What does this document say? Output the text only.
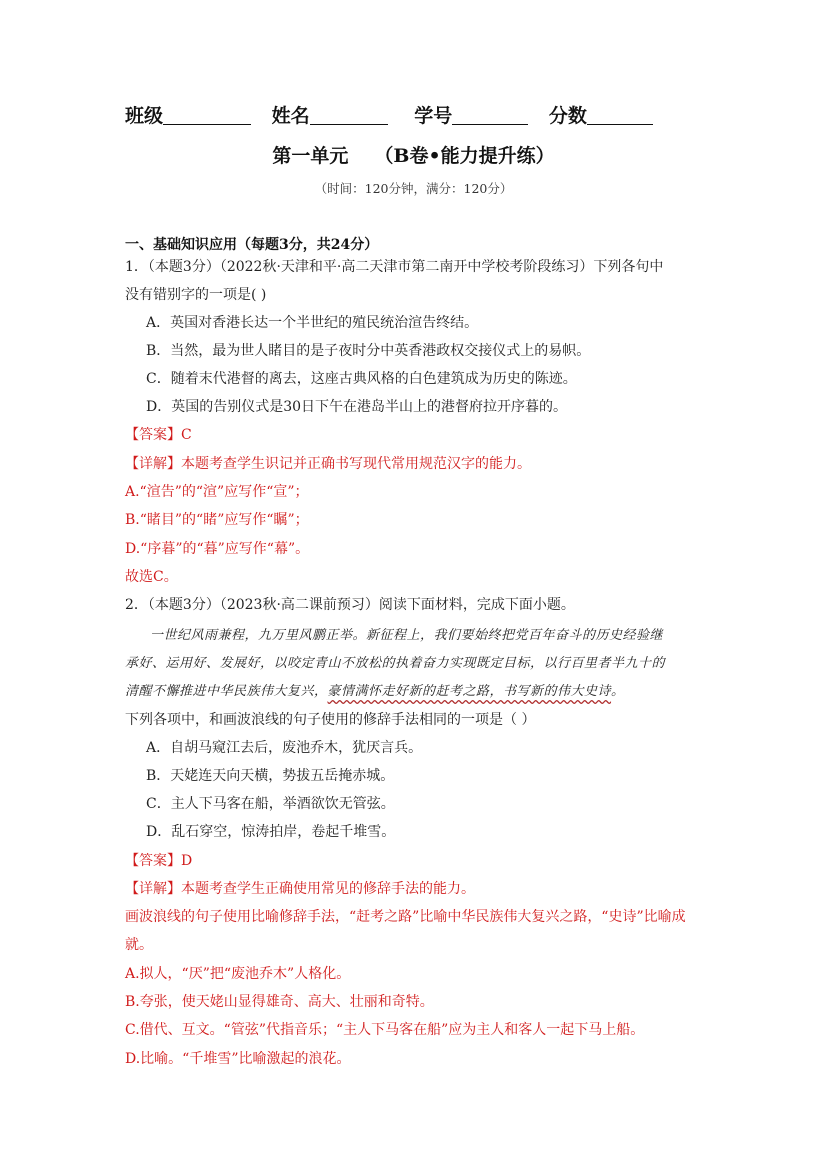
班级	姓名	学号	分数
第一单元 （B卷•能力提升练）
（时间：120分钟，满分：120分）
一、基础知识应用（每题3分，共24分）
1．（本题3分）（2022秋·天津和平·高二天津市第二南开中学校考阶段练习）下列各句中
没有错别字的一项是( )
A．英国对香港长达一个半世纪的殖民统治渲告终结。
B．当然，最为世人睹目的是子夜时分中英香港政权交接仪式上的易帜。
C．随着末代港督的离去，这座古典风格的白色建筑成为历史的陈迹。
D．英国的告别仪式是30日下午在港岛半山上的港督府拉开序暮的。
【答案】C
【详解】本题考查学生识记并正确书写现代常用规范汉字的能力。
A.“渲告”的“渲”应写作“宣”；
B.“睹目”的“睹”应写作“瞩”；
D.“序暮”的“暮”应写作“幕”。
故选C。
2．（本题3分）（2023秋·高二课前预习）阅读下面材料，完成下面小题。
一世纪风雨兼程，九万里风鹏正举。新征程上，我们要始终把党百年奋斗的历史经验继
承好、运用好、发展好，以咬定青山不放松的执着奋力实现既定目标，以行百里者半九十的
清醒不懈推进中华民族伟大复兴，豪情满怀走好新的赶考之路，书写新的伟大史诗。
下列各项中，和画波浪线的句子使用的修辞手法相同的一项是（ ）
A．自胡马窥江去后，废池乔木，犹厌言兵。
B．天姥连天向天横，势拔五岳掩赤城。
C．主人下马客在船，举酒欲饮无管弦。
D．乱石穿空，惊涛拍岸，卷起千堆雪。
【答案】D
【详解】本题考查学生正确使用常见的修辞手法的能力。
画波浪线的句子使用比喻修辞手法，“赶考之路”比喻中华民族伟大复兴之路，“史诗”比喻成
就。
A.拟人，“厌”把“废池乔木”人格化。
B.夸张，使天姥山显得雄奇、高大、壮丽和奇特。
C.借代、互文。“管弦”代指音乐；“主人下马客在船”应为主人和客人一起下马上船。
D.比喻。“千堆雪”比喻激起的浪花。
